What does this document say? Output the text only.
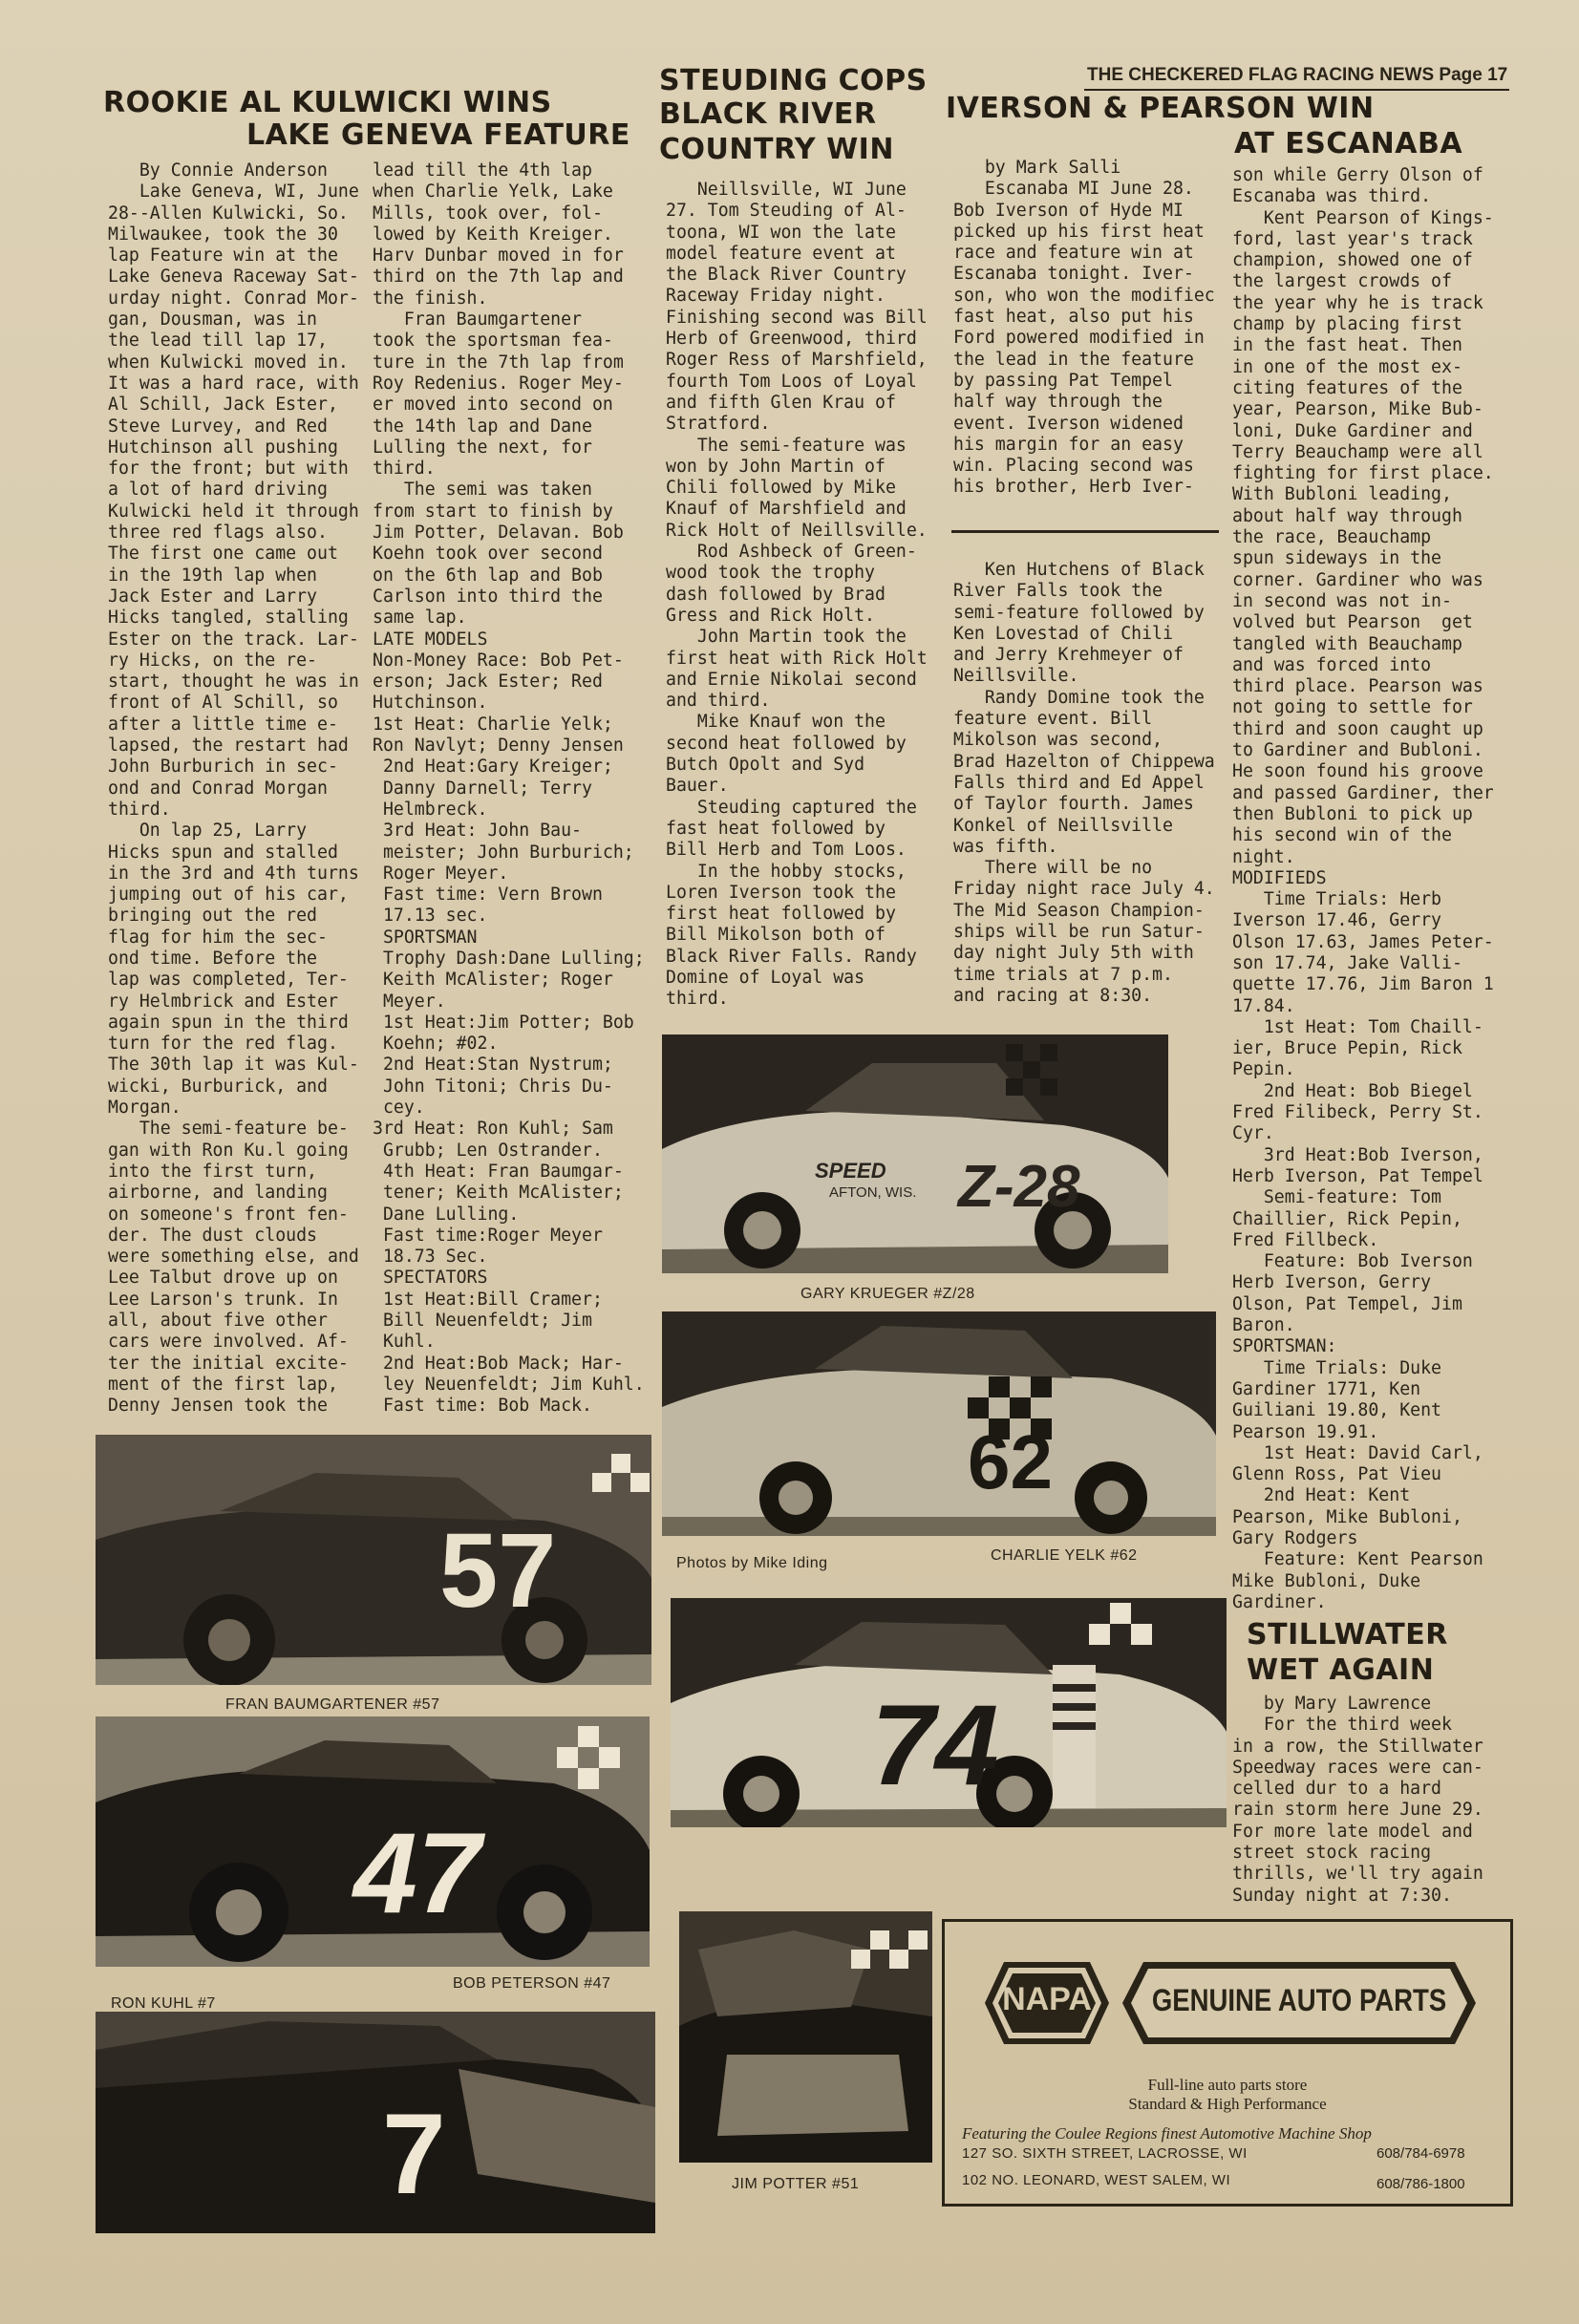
THE CHECKERED FLAG RACING NEWS Page 17
ROOKIE AL KULWICKI WINS
LAKE GENEVA FEATURE
STEUDING COPS
BLACK RIVER
COUNTRY WIN
IVERSON & PEARSON WIN
AT ESCANABA
STILLWATER
WET AGAIN
By Connie Anderson
Lake Geneva, WI, June
28--Allen Kulwicki, So.
Milwaukee, took the 30
lap Feature win at the
Lake Geneva Raceway Sat-
urday night. Conrad Mor-
gan, Dousman, was in
the lead till lap 17,
when Kulwicki moved in.
It was a hard race, with
Al Schill, Jack Ester,
Steve Lurvey, and Red
Hutchinson all pushing
for the front; but with
a lot of hard driving
Kulwicki held it through
three red flags also.
The first one came out
in the 19th lap when
Jack Ester and Larry
Hicks tangled, stalling
Ester on the track. Lar-
ry Hicks, on the re-
start, thought he was in
front of Al Schill, so
after a little time e-
lapsed, the restart had
John Burburich in sec-
ond and Conrad Morgan
third.
On lap 25, Larry
Hicks spun and stalled
in the 3rd and 4th turns
jumping out of his car,
bringing out the red
flag for him the sec-
ond time. Before the
lap was completed, Ter-
ry Helmbrick and Ester
again spun in the third
turn for the red flag.
The 30th lap it was Kul-
wicki, Burburick, and
Morgan.
The semi-feature be-
gan with Ron Ku.l going
into the first turn,
airborne, and landing
on someone's front fen-
der. The dust clouds
were something else, and
Lee Talbut drove up on
Lee Larson's trunk. In
all, about five other
cars were involved. Af-
ter the initial excite-
ment of the first lap,
Denny Jensen took the
lead till the 4th lap
when Charlie Yelk, Lake
Mills, took over, fol-
lowed by Keith Kreiger.
Harv Dunbar moved in for
third on the 7th lap and
the finish.
Fran Baumgartener
took the sportsman fea-
ture in the 7th lap from
Roy Redenius. Roger Mey-
er moved into second on
the 14th lap and Dane
Lulling the next, for
third.
The semi was taken
from start to finish by
Jim Potter, Delavan. Bob
Koehn took over second
on the 6th lap and Bob
Carlson into third the
same lap.
LATE MODELS
Non-Money Race: Bob Pet-
erson; Jack Ester; Red
Hutchinson.
1st Heat: Charlie Yelk;
Ron Navlyt; Denny Jensen
2nd Heat:Gary Kreiger;
Danny Darnell; Terry
Helmbreck.
3rd Heat: John Bau-
meister; John Burburich;
Roger Meyer.
Fast time: Vern Brown
17.13 sec.
SPORTSMAN
Trophy Dash:Dane Lulling;
Keith McAlister; Roger
Meyer.
1st Heat:Jim Potter; Bob
Koehn; #02.
2nd Heat:Stan Nystrum;
John Titoni; Chris Du-
cey.
3rd Heat: Ron Kuhl; Sam
Grubb; Len Ostrander.
4th Heat: Fran Baumgar-
tener; Keith McAlister;
Dane Lulling.
Fast time:Roger Meyer
18.73 Sec.
SPECTATORS
1st Heat:Bill Cramer;
Bill Neuenfeldt; Jim
Kuhl.
2nd Heat:Bob Mack; Har-
ley Neuenfeldt; Jim Kuhl.
Fast time: Bob Mack.
Neillsville, WI June
27. Tom Steuding of Al-
toona, WI won the late
model feature event at
the Black River Country
Raceway Friday night.
Finishing second was Bill
Herb of Greenwood, third
Roger Ress of Marshfield,
fourth Tom Loos of Loyal
and fifth Glen Krau of
Stratford.
The semi-feature was
won by John Martin of
Chili followed by Mike
Knauf of Marshfield and
Rick Holt of Neillsville.
Rod Ashbeck of Green-
wood took the trophy
dash followed by Brad
Gress and Rick Holt.
John Martin took the
first heat with Rick Holt
and Ernie Nikolai second
and third.
Mike Knauf won the
second heat followed by
Butch Opolt and Syd
Bauer.
Steuding captured the
fast heat followed by
Bill Herb and Tom Loos.
In the hobby stocks,
Loren Iverson took the
first heat followed by
Bill Mikolson both of
Black River Falls. Randy
Domine of Loyal was
third.
by Mark Salli
Escanaba MI June 28.
Bob Iverson of Hyde MI
picked up his first heat
race and feature win at
Escanaba tonight. Iver-
son, who won the modifiec
fast heat, also put his
Ford powered modified in
the lead in the feature
by passing Pat Tempel
half way through the
event. Iverson widened
his margin for an easy
win. Placing second was
his brother, Herb Iver-
Ken Hutchens of Black
River Falls took the
semi-feature followed by
Ken Lovestad of Chili
and Jerry Krehmeyer of
Neillsville.
Randy Domine took the
feature event. Bill
Mikolson was second,
Brad Hazelton of Chippewa
Falls third and Ed Appel
of Taylor fourth. James
Konkel of Neillsville
was fifth.
There will be no
Friday night race July 4.
The Mid Season Champion-
ships will be run Satur-
day night July 5th with
time trials at 7 p.m.
and racing at 8:30.
son while Gerry Olson of
Escanaba was third.
Kent Pearson of Kings-
ford, last year's track
champion, showed one of
the largest crowds of
the year why he is track
champ by placing first
in the fast heat. Then
in one of the most ex-
citing features of the
year, Pearson, Mike Bub-
loni, Duke Gardiner and
Terry Beauchamp were all
fighting for first place.
With Bubloni leading,
about half way through
the race, Beauchamp
spun sideways in the
corner. Gardiner who was
in second was not in-
volved but Pearson  get
tangled with Beauchamp
and was forced into
third place. Pearson was
not going to settle for
third and soon caught up
to Gardiner and Bubloni.
He soon found his groove
and passed Gardiner, ther
then Bubloni to pick up
his second win of the
night.
MODIFIEDS
Time Trials: Herb
Iverson 17.46, Gerry
Olson 17.63, James Peter-
son 17.74, Jake Valli-
quette 17.76, Jim Baron 1
17.84.
1st Heat: Tom Chaill-
ier, Bruce Pepin, Rick
Pepin.
2nd Heat: Bob Biegel
Fred Filibeck, Perry St.
Cyr.
3rd Heat:Bob Iverson,
Herb Iverson, Pat Tempel
Semi-feature: Tom
Chaillier, Rick Pepin,
Fred Fillbeck.
Feature: Bob Iverson
Herb Iverson, Gerry
Olson, Pat Tempel, Jim
Baron.
SPORTSMAN:
Time Trials: Duke
Gardiner 1771, Ken
Guiliani 19.80, Kent
Pearson 19.91.
1st Heat: David Carl,
Glenn Ross, Pat Vieu
2nd Heat: Kent
Pearson, Mike Bubloni,
Gary Rodgers
Feature: Kent Pearson
Mike Bubloni, Duke
Gardiner.
by Mary Lawrence
For the third week
in a row, the Stillwater
Speedway races were can-
celled dur to a hard
rain storm here June 29.
For more late model and
street stock racing
thrills, we'll try again
Sunday night at 7:30.
57
FRAN BAUMGARTENER #57
47
BOB PETERSON #47
RON KUHL #7
7
Z-28
SPEED
AFTON, WIS.
GARY KRUEGER #Z/28
62
Photos by Mike Iding	CHARLIE YELK #62
74
JIM POTTER #51
NAPA	GENUINE AUTO PARTS
Full-line auto parts store
Standard & High Performance
Featuring the Coulee Regions finest Automotive Machine Shop
127 SO. SIXTH STREET, LACROSSE, WI	608/784-6978
102 NO. LEONARD, WEST SALEM, WI	608/786-1800
